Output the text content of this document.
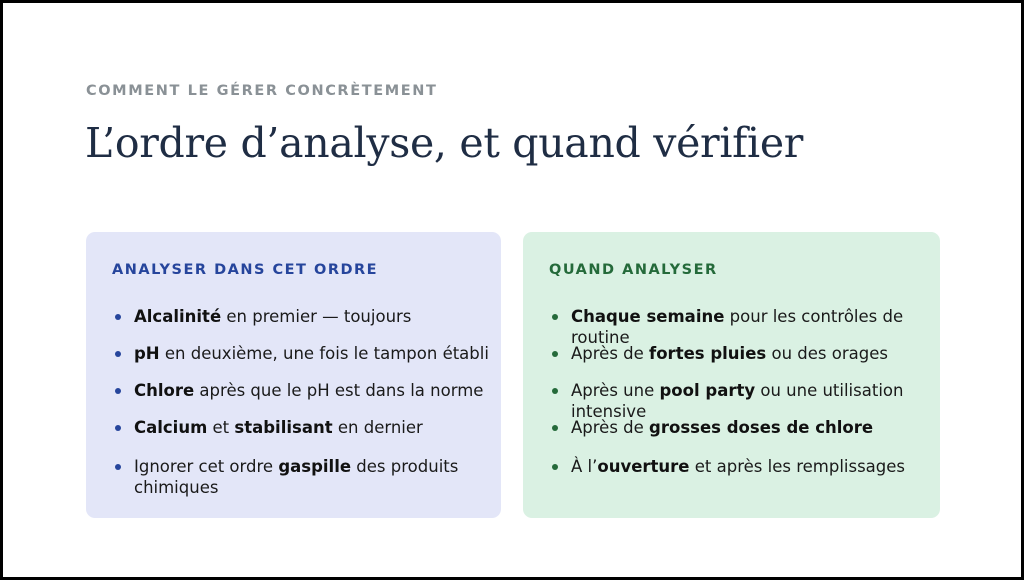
COMMENT LE GÉRER CONCRÈTEMENT
L’ordre d’analyse, et quand vérifier
ANALYSER DANS CET ORDRE
Alcalinité en premier — toujours
pH en deuxième, une fois le tampon établi
Chlore après que le pH est dans la norme
Calcium et stabilisant en dernier
Ignorer cet ordre gaspille des produits chimiques
QUAND ANALYSER
Chaque semaine pour les contrôles de routine
Après de fortes pluies ou des orages
Après une pool party ou une utilisation intensive
Après de grosses doses de chlore
À l’ouverture et après les remplissages
